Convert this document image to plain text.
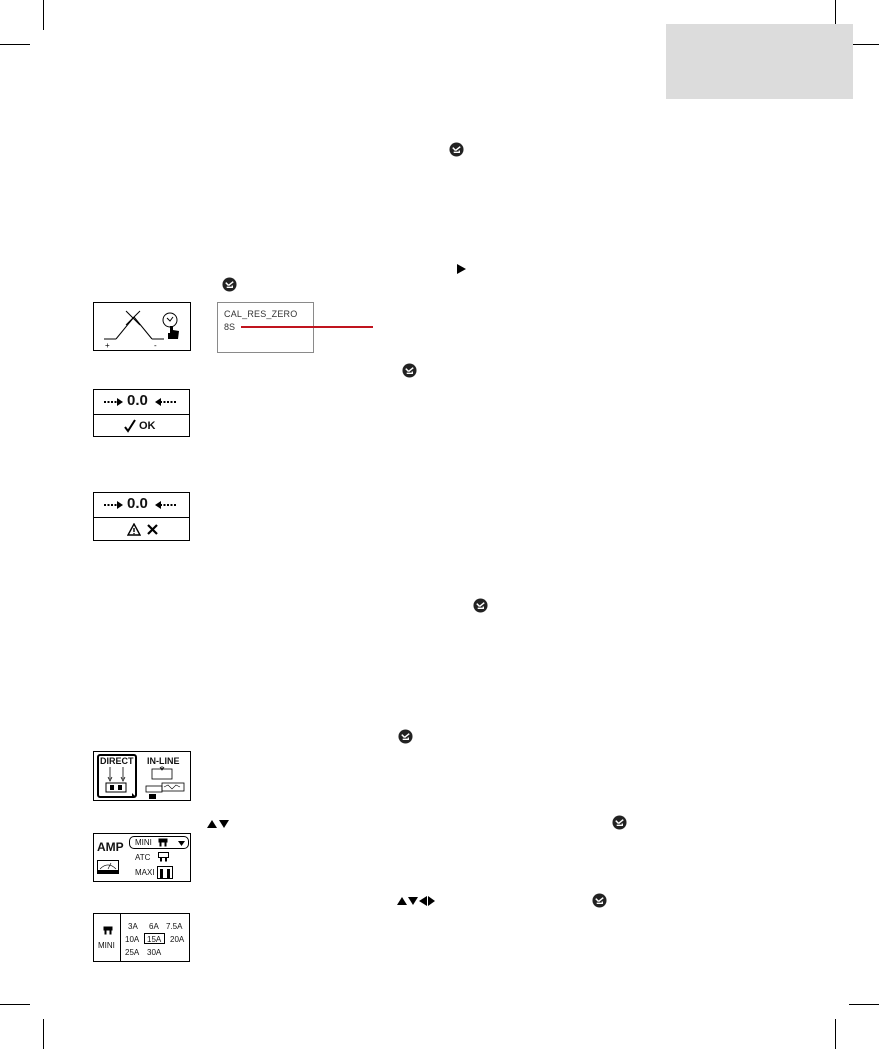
+	-
CAL_RES_ZERO
8S
0.0
OK
0.0
DIRECT IN-LINE
AMP MINI
ATC
MAXI
MINI
3A 6A 7.5A
10A 15A 20A
25A 30A
